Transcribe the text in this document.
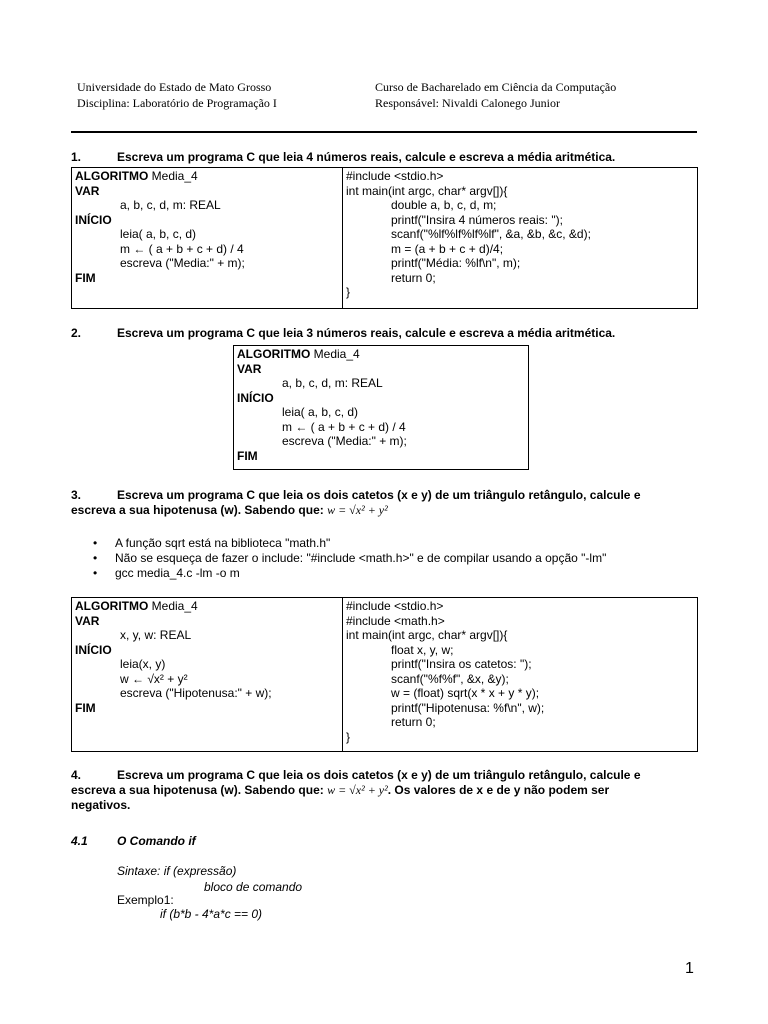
Universidade do Estado de Mato Grosso
Disciplina: Laboratório de Programação I
Curso de Bacharelado em Ciência da Computação
Responsável: Nivaldi Calonego Junior
1.	Escreva um programa C que leia 4 números reais, calcule e escreva a média aritmética.
ALGORITMO Media_4
VAR
a, b, c, d, m: REAL
INÍCIO
leia( a, b, c, d)
m ← ( a + b + c + d) / 4
escreva ("Media:" + m);
FIM
#include <stdio.h>
int main(int argc, char* argv[]){
double a, b, c, d, m;
printf("Insira 4 números reais: ");
scanf("%lf%lf%lf%lf", &a, &b, &c, &d);
m = (a + b + c + d)/4;
printf("Média: %lf\n", m);
return 0;
}
2.	Escreva um programa C que leia 3 números reais, calcule e escreva a média aritmética.
ALGORITMO Media_4
VAR
a, b, c, d, m: REAL
INÍCIO
leia( a, b, c, d)
m ← ( a + b + c + d) / 4
escreva ("Media:" + m);
FIM
3.	Escreva um programa C que leia os dois catetos (x e y) de um triângulo retângulo, calcule e
escreva a sua hipotenusa (w). Sabendo que: w = √x² + y²
• A função sqrt está na biblioteca "math.h"
• Não se esqueça de fazer o include: "#include <math.h>" e de compilar usando a opção "-lm"
• gcc media_4.c -lm -o m
ALGORITMO Media_4
VAR
x, y, w: REAL
INÍCIO
leia(x, y)
w ← √x² + y²
escreva ("Hipotenusa:" + w);
FIM
#include <stdio.h>
#include <math.h>
int main(int argc, char* argv[]){
float x, y, w;
printf("Insira os catetos: ");
scanf("%f%f", &x, &y);
w = (float) sqrt(x * x + y * y);
printf("Hipotenusa: %f\n", w);
return 0;
}
4.	Escreva um programa C que leia os dois catetos (x e y) de um triângulo retângulo, calcule e
escreva a sua hipotenusa (w). Sabendo que: w = √x² + y². Os valores de x e de y não podem ser
negativos.
4.1 O Comando if
Sintaxe: if (expressão)
bloco de comando
Exemplo1:
if (b*b - 4*a*c == 0)
1
